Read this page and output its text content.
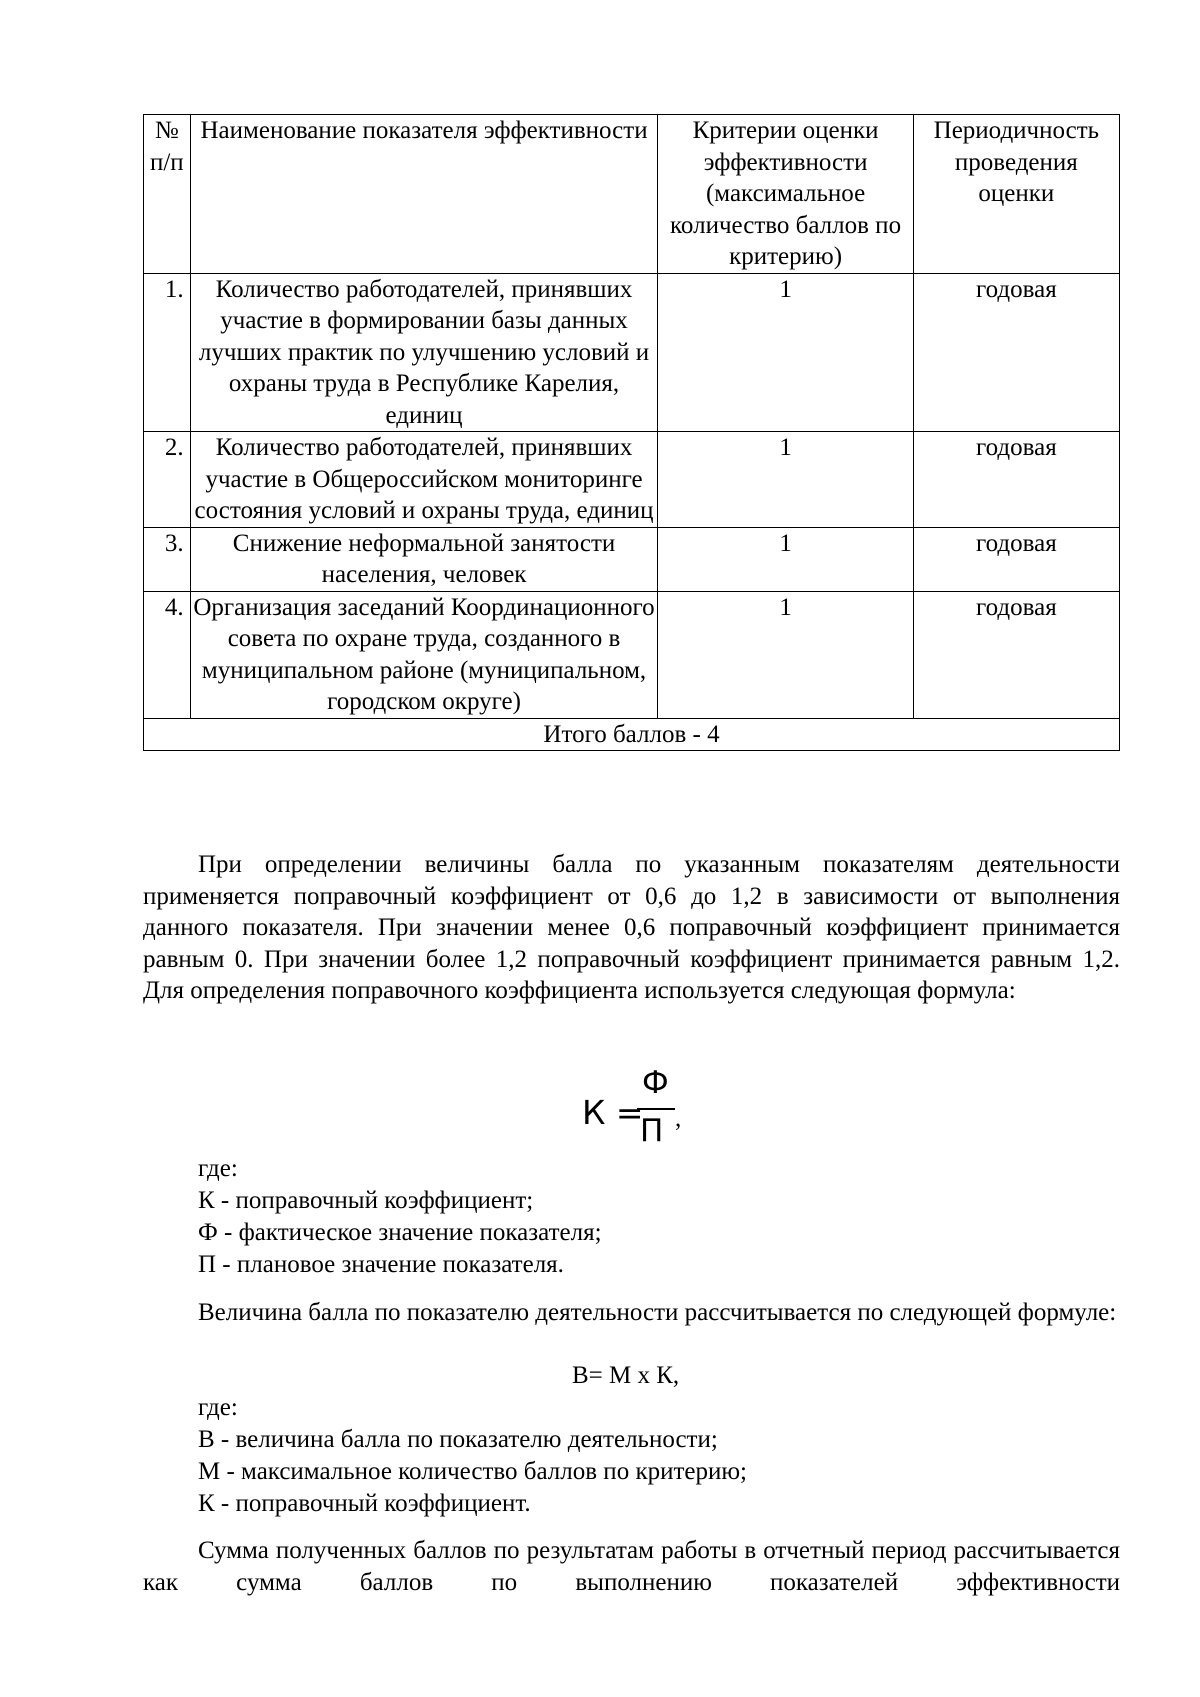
№ п/п	Наименование показателя эффективности	Критерии оценки эффективности (максимальное количество баллов по критерию)	Периодичность проведения оценки
1.	Количество работодателей, принявших участие в формировании базы данных лучших практик по улучшению условий и охраны труда в Республике Карелия, единиц	1	годовая
2.	Количество работодателей, принявших участие в Общероссийском мониторинге состояния условий и охраны труда, единиц	1	годовая
3.	Снижение неформальной занятости населения, человек	1	годовая
4.	Организация заседаний Координационного совета по охране труда, созданного в муниципальном районе (муниципальном, городском округе)	1	годовая
Итого баллов - 4			

При определении величины балла по указанным показателям деятельности применяется поправочный коэффициент от 0,6 до 1,2 в зависимости от выполнения данного показателя. При значении менее 0,6 поправочный коэффициент принимается равным 0. При значении более 1,2 поправочный коэффициент принимается равным 1,2. Для определения поправочного коэффициента используется следующая формула:

К =
Ф
П ,

где:

К - поправочный коэффициент;

Ф - фактическое значение показателя;

П - плановое значение показателя.

Величина балла по показателю деятельности рассчитывается по следующей формуле:

В= М х К,

где:

В - величина балла по показателю деятельности;

М - максимальное количество баллов по критерию;

К - поправочный коэффициент.

Сумма полученных баллов по результатам работы в отчетный период рассчитывается как сумма баллов по выполнению показателей эффективности
